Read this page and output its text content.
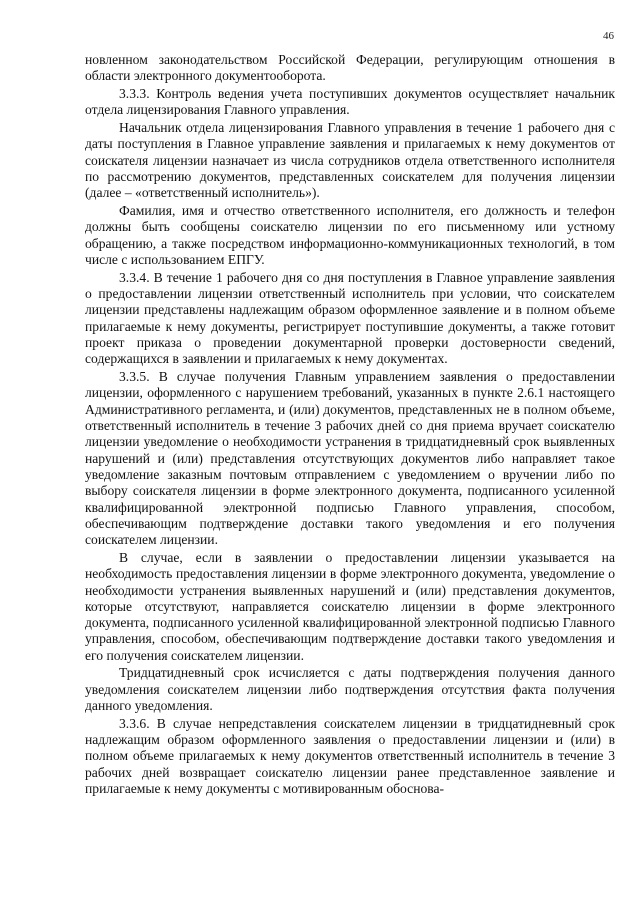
46

новленном законодательством Российской Федерации, регулирующим отношения в области электронного документооборота.

3.3.3. Контроль ведения учета поступивших документов осуществляет начальник отдела лицензирования Главного управления.

Начальник отдела лицензирования Главного управления в течение 1 рабочего дня с даты поступления в Главное управление заявления и прилагаемых к нему документов от соискателя лицензии назначает из числа сотрудников отдела ответственного исполнителя по рассмотрению документов, представленных соискателем для получения лицензии (далее – «ответственный исполнитель»).

Фамилия, имя и отчество ответственного исполнителя, его должность и телефон должны быть сообщены соискателю лицензии по его письменному или устному обращению, а также посредством информационно-коммуникационных технологий, в том числе с использованием ЕПГУ.

3.3.4. В течение 1 рабочего дня со дня поступления в Главное управление заявления о предоставлении лицензии ответственный исполнитель при условии, что соискателем лицензии представлены надлежащим образом оформленное заявление и в полном объеме прилагаемые к нему документы, регистрирует поступившие документы, а также готовит проект приказа о проведении документарной проверки достоверности сведений, содержащихся в заявлении и прилагаемых к нему документах.

3.3.5. В случае получения Главным управлением заявления о предоставлении лицензии, оформленного с нарушением требований, указанных в пункте 2.6.1 настоящего Административного регламента, и (или) документов, представленных не в полном объеме, ответственный исполнитель в течение 3 рабочих дней со дня приема вручает соискателю лицензии уведомление о необходимости устранения в тридцатидневный срок выявленных нарушений и (или) представления отсутствующих документов либо направляет такое уведомление заказным почтовым отправлением с уведомлением о вручении либо по выбору соискателя лицензии в форме электронного документа, подписанного усиленной квалифицированной электронной подписью Главного управления, способом, обеспечивающим подтверждение доставки такого уведомления и его получения соискателем лицензии.

В случае, если в заявлении о предоставлении лицензии указывается на необходимость предоставления лицензии в форме электронного документа, уведомление о необходимости устранения выявленных нарушений и (или) представления документов, которые отсутствуют, направляется соискателю лицензии в форме электронного документа, подписанного усиленной квалифицированной электронной подписью Главного управления, способом, обеспечивающим подтверждение доставки такого уведомления и его получения соискателем лицензии.

Тридцатидневный срок исчисляется с даты подтверждения получения данного уведомления соискателем лицензии либо подтверждения отсутствия факта получения данного уведомления.

3.3.6. В случае непредставления соискателем лицензии в тридцатидневный срок надлежащим образом оформленного заявления о предоставлении лицензии и (или) в полном объеме прилагаемых к нему документов ответственный исполнитель в течение 3 рабочих дней возвращает соискателю лицензии ранее представленное заявление и прилагаемые к нему документы с мотивированным обоснова-
